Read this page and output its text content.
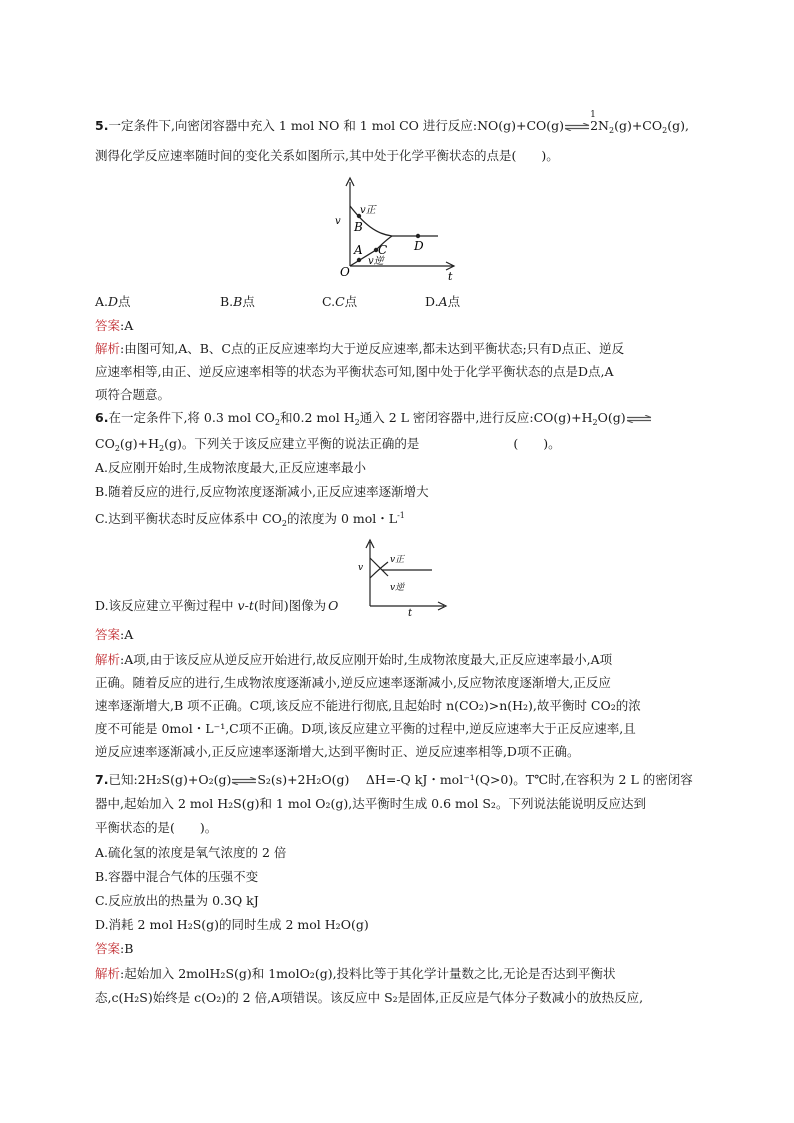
5.一定条件下,向密闭容器中充入 1 mol NO 和 1 mol CO 进行反应:NO(g)+CO(g)⇌
1
$2N_2(g)+CO_2(g)$,
测得化学反应速率随时间的变化关系如图所示,其中处于化学平衡状态的点是(　　)。
v
t
O
v正
v逆
A
B
C D
A.D点	B.B点	C.C点	D.A点
答案:A
解析:由图可知,A、B、C点的正反应速率均大于逆反应速率,都未达到平衡状态;只有D点正、逆反
应速率相等,由正、逆反应速率相等的状态为平衡状态可知,图中处于化学平衡状态的点是D点,A
项符合题意。
6.在一定条件下,将 0.3 mol $CO_2$和0.2 mol $H_2$通入 2 L 密闭容器中,进行反应$:CO(g)+H_2O(g)\rightleftharpoons$
$CO_2(g)+H_2(g)$。下列关于该反应建立平衡的说法正确的是	(　　)。
A.反应刚开始时,生成物浓度最大,正反应速率最小
B.随着反应的进行,反应物浓度逐渐减小,正反应速率逐渐增大
C.达到平衡状态时反应体系中 $CO_2$的浓度为 0 mol・$L^{-1}$
v
t
v正
v逆
D.该反应建立平衡过程中 v-t(时间)图像为 O
答案:A
解析:A项,由于该反应从逆反应开始进行,故反应刚开始时,生成物浓度最大,正反应速率最小,A项
正确。随着反应的进行,生成物浓度逐渐减小,逆反应速率逐渐减小,反应物浓度逐渐增大,正反应
速率逐渐增大,B 项不正确。C项,该反应不能进行彻底,且起始时 n(CO₂)>n(H₂),故平衡时 CO₂的浓
度不可能是 0mol・L⁻¹,C项不正确。D项,该反应建立平衡的过程中,逆反应速率大于正反应速率,且
逆反应速率逐渐减小,正反应速率逐渐增大,达到平衡时正、逆反应速率相等,D项不正确。
7.已知:2H₂S(g)+O₂(g)⇌S₂(s)+2H₂O(g)　 ΔH=-Q kJ・mol⁻¹(Q>0)。T℃时,在容积为 2 L 的密闭容
器中,起始加入 2 mol H₂S(g)和 1 mol O₂(g),达平衡时生成 0.6 mol S₂。下列说法能说明反应达到
平衡状态的是(　　)。
A.硫化氢的浓度是氧气浓度的 2 倍
B.容器中混合气体的压强不变
C.反应放出的热量为 0.3Q kJ
D.消耗 2 mol H₂S(g)的同时生成 2 mol H₂O(g)
答案:B
解析:起始加入 2molH₂S(g)和 1molO₂(g),投料比等于其化学计量数之比,无论是否达到平衡状
态,c(H₂S)始终是 c(O₂)的 2 倍,A项错误。该反应中 S₂是固体,正反应是气体分子数减小的放热反应,
